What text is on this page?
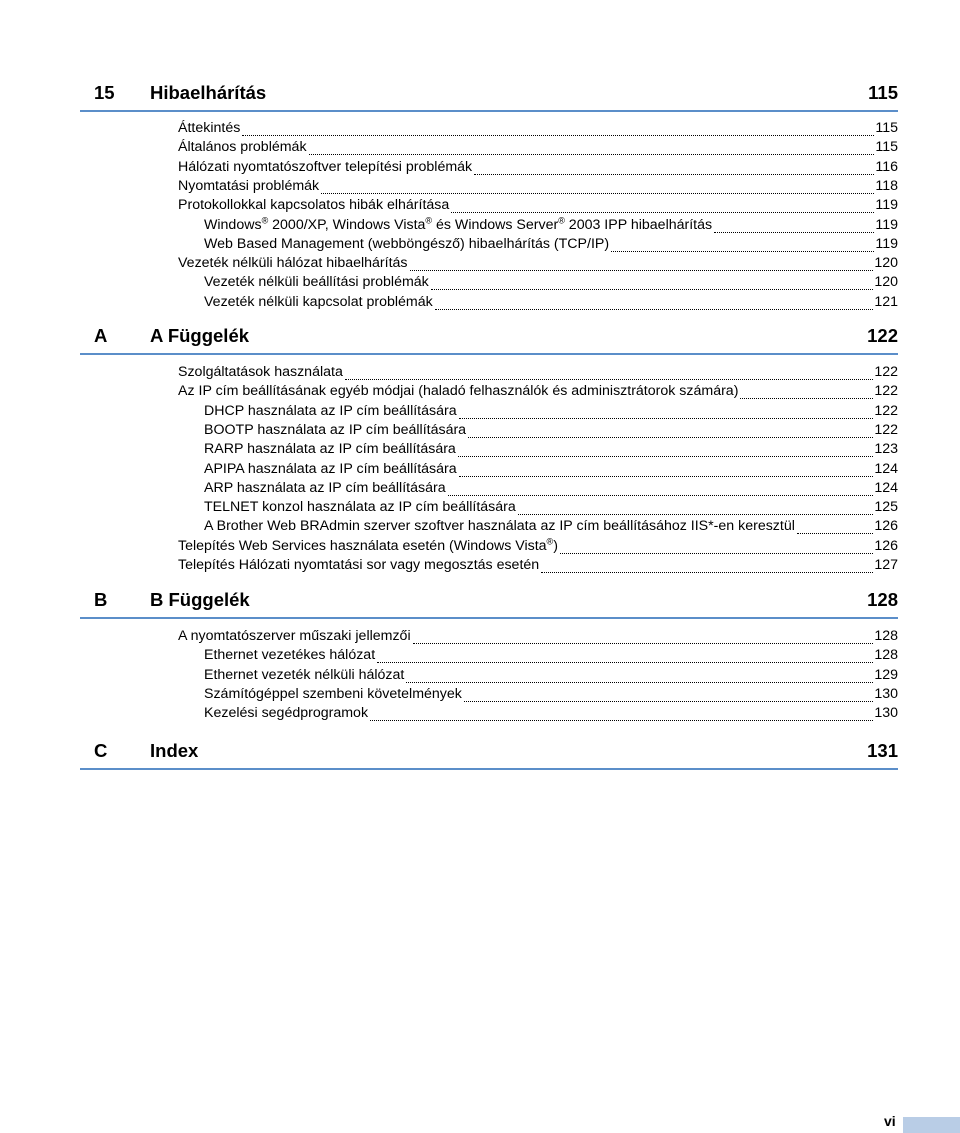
15 Hibaelhárítás	115
Áttekintés	115
Általános problémák	115
Hálózati nyomtatószoftver telepítési problémák	116
Nyomtatási problémák	118
Protokollokkal kapcsolatos hibák elhárítása	119
Windows® 2000/XP, Windows Vista® és Windows Server® 2003 IPP hibaelhárítás	119
Web Based Management (webböngésző) hibaelhárítás (TCP/IP)	119
Vezeték nélküli hálózat hibaelhárítás	120
Vezeték nélküli beállítási problémák	120
Vezeték nélküli kapcsolat problémák	121
A A Függelék	122
Szolgáltatások használata	122
Az IP cím beállításának egyéb módjai (haladó felhasználók és adminisztrátorok számára)	122
DHCP használata az IP cím beállítására	122
BOOTP használata az IP cím beállítására	122
RARP használata az IP cím beállítására	123
APIPA használata az IP cím beállítására	124
ARP használata az IP cím beállítására	124
TELNET konzol használata az IP cím beállítására	125
A Brother Web BRAdmin szerver szoftver használata az IP cím beállításához IIS*-en keresztül	126
Telepítés Web Services használata esetén (Windows Vista®)	126
Telepítés Hálózati nyomtatási sor vagy megosztás esetén	127
B B Függelék	128
A nyomtatószerver műszaki jellemzői	128
Ethernet vezetékes hálózat	128
Ethernet vezeték nélküli hálózat	129
Számítógéppel szembeni követelmények	130
Kezelési segédprogramok	130
C Index	131
vi
